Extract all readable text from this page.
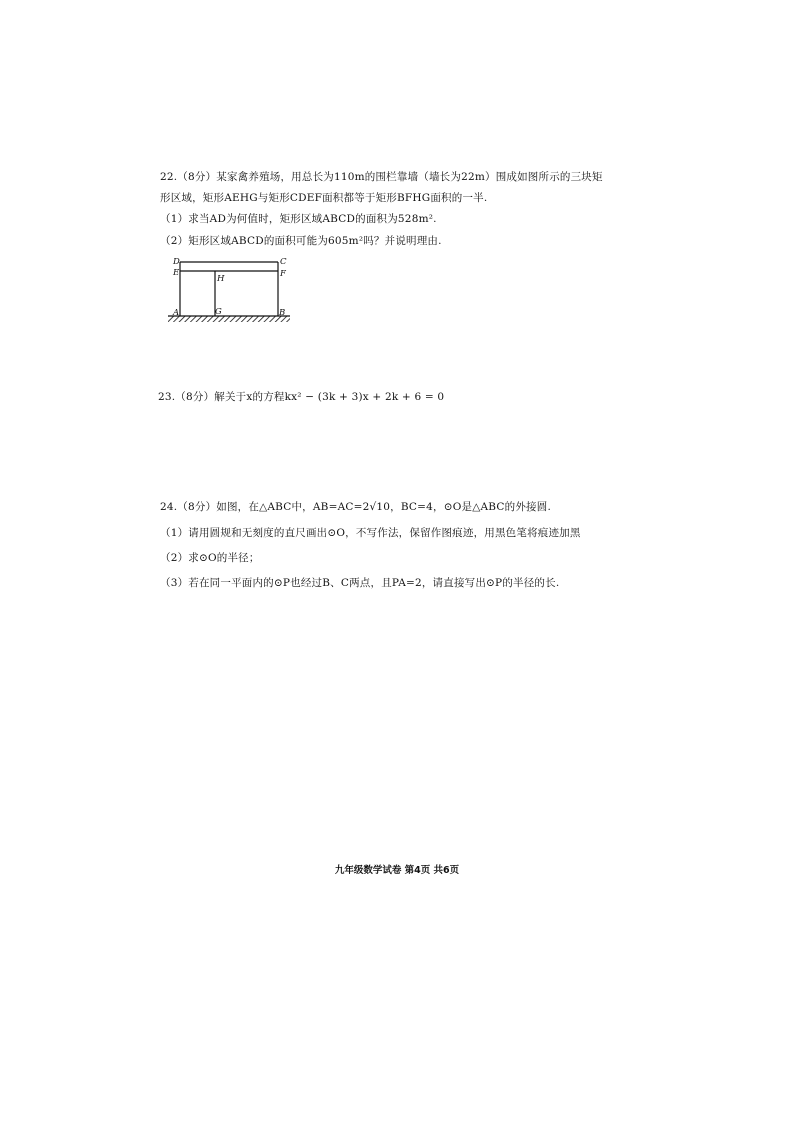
22.（8分）某家禽养殖场，用总长为110m的围栏靠墙（墙长为22m）围成如图所示的三块矩
形区域，矩形AEHG与矩形CDEF面积都等于矩形BFHG面积的一半.
（1）求当AD为何值时，矩形区域ABCD的面积为528m².
（2）矩形区域ABCD的面积可能为605m²吗？并说明理由.
D	C
E	F
H
A	G	B
23.（8分）解关于x的方程kx² − (3k + 3)x + 2k + 6 = 0
24.（8分）如图，在△ABC中，AB=AC=2√10，BC=4，⊙O是△ABC的外接圆.
（1）请用圆规和无刻度的直尺画出⊙O，不写作法，保留作图痕迹，用黑色笔将痕迹加黑
（2）求⊙O的半径；
（3）若在同一平面内的⊙P也经过B、C两点，且PA=2，请直接写出⊙P的半径的长.
九年级数学试卷 第4页 共6页
